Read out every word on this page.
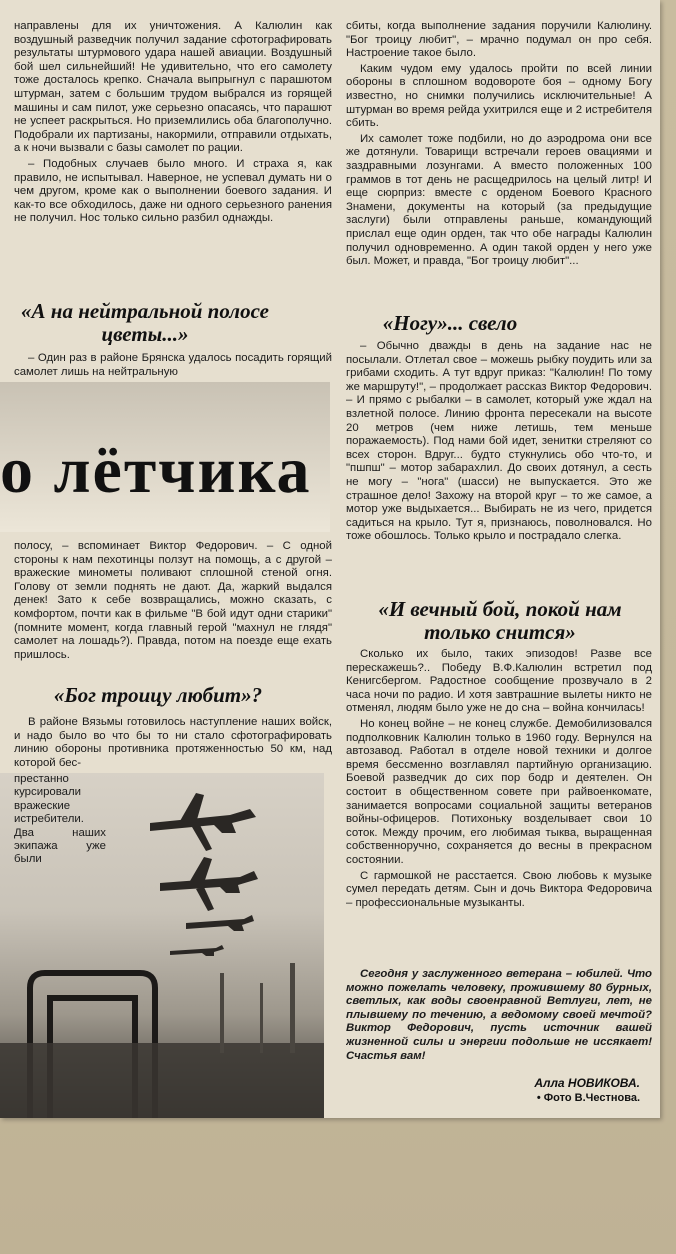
направлены для их уничтожения. А Калюлин как воздушный разведчик получил задание сфотографировать результаты штурмового удара нашей авиации. Воздушный бой шел сильнейший! Не удивительно, что его самолету тоже досталось крепко. Сначала выпрыгнул с парашютом штурман, затем с большим трудом выбрался из горящей машины и сам пилот, уже серьезно опасаясь, что парашют не успеет раскрыться. Но приземлились оба благополучно. Подобрали их партизаны, накормили, отправили отдыхать, а к ночи вызвали с базы самолет по рации.

– Подобных случаев было много. И страха я, как правило, не испытывал. Наверное, не успевал думать ни о чем другом, кроме как о выполнении боевого задания. И как-то все обходилось, даже ни одного серьезного ранения не получил. Нос только сильно разбил однажды.

«А на нейтральной полосе цветы...»

– Один раз в районе Брянска удалось посадить горящий самолет лишь на нейтральную

о лётчика

полосу, – вспоминает Виктор Федорович. – С одной стороны к нам пехотинцы ползут на помощь, а с другой – вражеские минометы поливают сплошной стеной огня. Голову от земли поднять не дают. Да, жаркий выдался денек! Зато к себе возвращались, можно сказать, с комфортом, почти как в фильме "В бой идут одни старики" (помните момент, когда главный герой "махнул не глядя" самолет на лошадь?). Правда, потом на поезде еще ехать пришлось.

«Бог троицу любит»?

В районе Вязьмы готовилось наступление наших войск, и надо было во что бы то ни стало сфотографировать линию обороны противника протяженностью 50 км, над которой бес-

престанно курсировали вражеские истребители. Два наших экипажа уже были

сбиты, когда выполнение задания поручили Калюлину. "Бог троицу любит", – мрачно подумал он про себя. Настроение такое было.

Каким чудом ему удалось пройти по всей линии обороны в сплошном водовороте боя – одному Богу известно, но снимки получились исключительные! А штурман во время рейда ухитрился еще и 2 истребителя сбить.

Их самолет тоже подбили, но до аэродрома они все же дотянули. Товарищи встречали героев овациями и заздравными лозунгами. А вместо положенных 100 граммов в тот день не расщедрилось на целый литр! И еще сюрприз: вместе с орденом Боевого Красного Знамени, документы на который (за предыдущие заслуги) были отправлены раньше, командующий прислал еще один орден, так что обе награды Калюлин получил одновременно. А один такой орден у него уже был. Может, и правда, "Бог троицу любит"...

«Ногу»... свело

– Обычно дважды в день на задание нас не посылали. Отлетал свое – можешь рыбку поудить или за грибами сходить. А тут вдруг приказ: "Калюлин! По тому же маршруту!", – продолжает рассказ Виктор Федорович. – И прямо с рыбалки – в самолет, который уже ждал на взлетной полосе. Линию фронта пересекали на высоте 20 метров (чем ниже летишь, тем меньше поражаемость). Под нами бой идет, зенитки стреляют со всех сторон. Вдруг... будто стукнулись обо что-то, и "пшпш" – мотор забарахлил. До своих дотянул, а сесть не могу – "нога" (шасси) не выпускается. Это же страшное дело! Захожу на второй круг – то же самое, а мотор уже выдыхается... Выбирать не из чего, придется садиться на крыло. Тут я, признаюсь, поволновался. Но тоже обошлось. Только крыло и пострадало слегка.

«И вечный бой, покой нам только снится»

Сколько их было, таких эпизодов! Разве все перескажешь?.. Победу В.Ф.Калюлин встретил под Кенигсбергом. Радостное сообщение прозвучало в 2 часа ночи по радио. И хотя завтрашние вылеты никто не отменял, людям было уже не до сна – война кончилась!

Но конец войне – не конец службе. Демобилизовался подполковник Калюлин только в 1960 году. Вернулся на автозавод. Работал в отделе новой техники и долгое время бессменно возглавлял партийную организацию. Боевой разведчик до сих пор бодр и деятелен. Он состоит в общественном совете при райвоенкомате, занимается вопросами социальной защиты ветеранов войны-офицеров. Потихоньку возделывает свои 10 соток. Между прочим, его любимая тыква, выращенная собственноручно, сохраняется до весны в прекрасном состоянии.

С гармошкой не расстается. Свою любовь к музыке сумел передать детям. Сын и дочь Виктора Федоровича – профессиональные музыканты.

Сегодня у заслуженного ветерана – юбилей. Что можно пожелать человеку, прожившему 80 бурных, светлых, как воды своенравной Ветлуги, лет, не плывшему по течению, а ведомому своей мечтой? Виктор Федорович, пусть источник вашей жизненной силы и энергии подольше не иссякает! Счастья вам!

Алла НОВИКОВА.
• Фото В.Честнова.
